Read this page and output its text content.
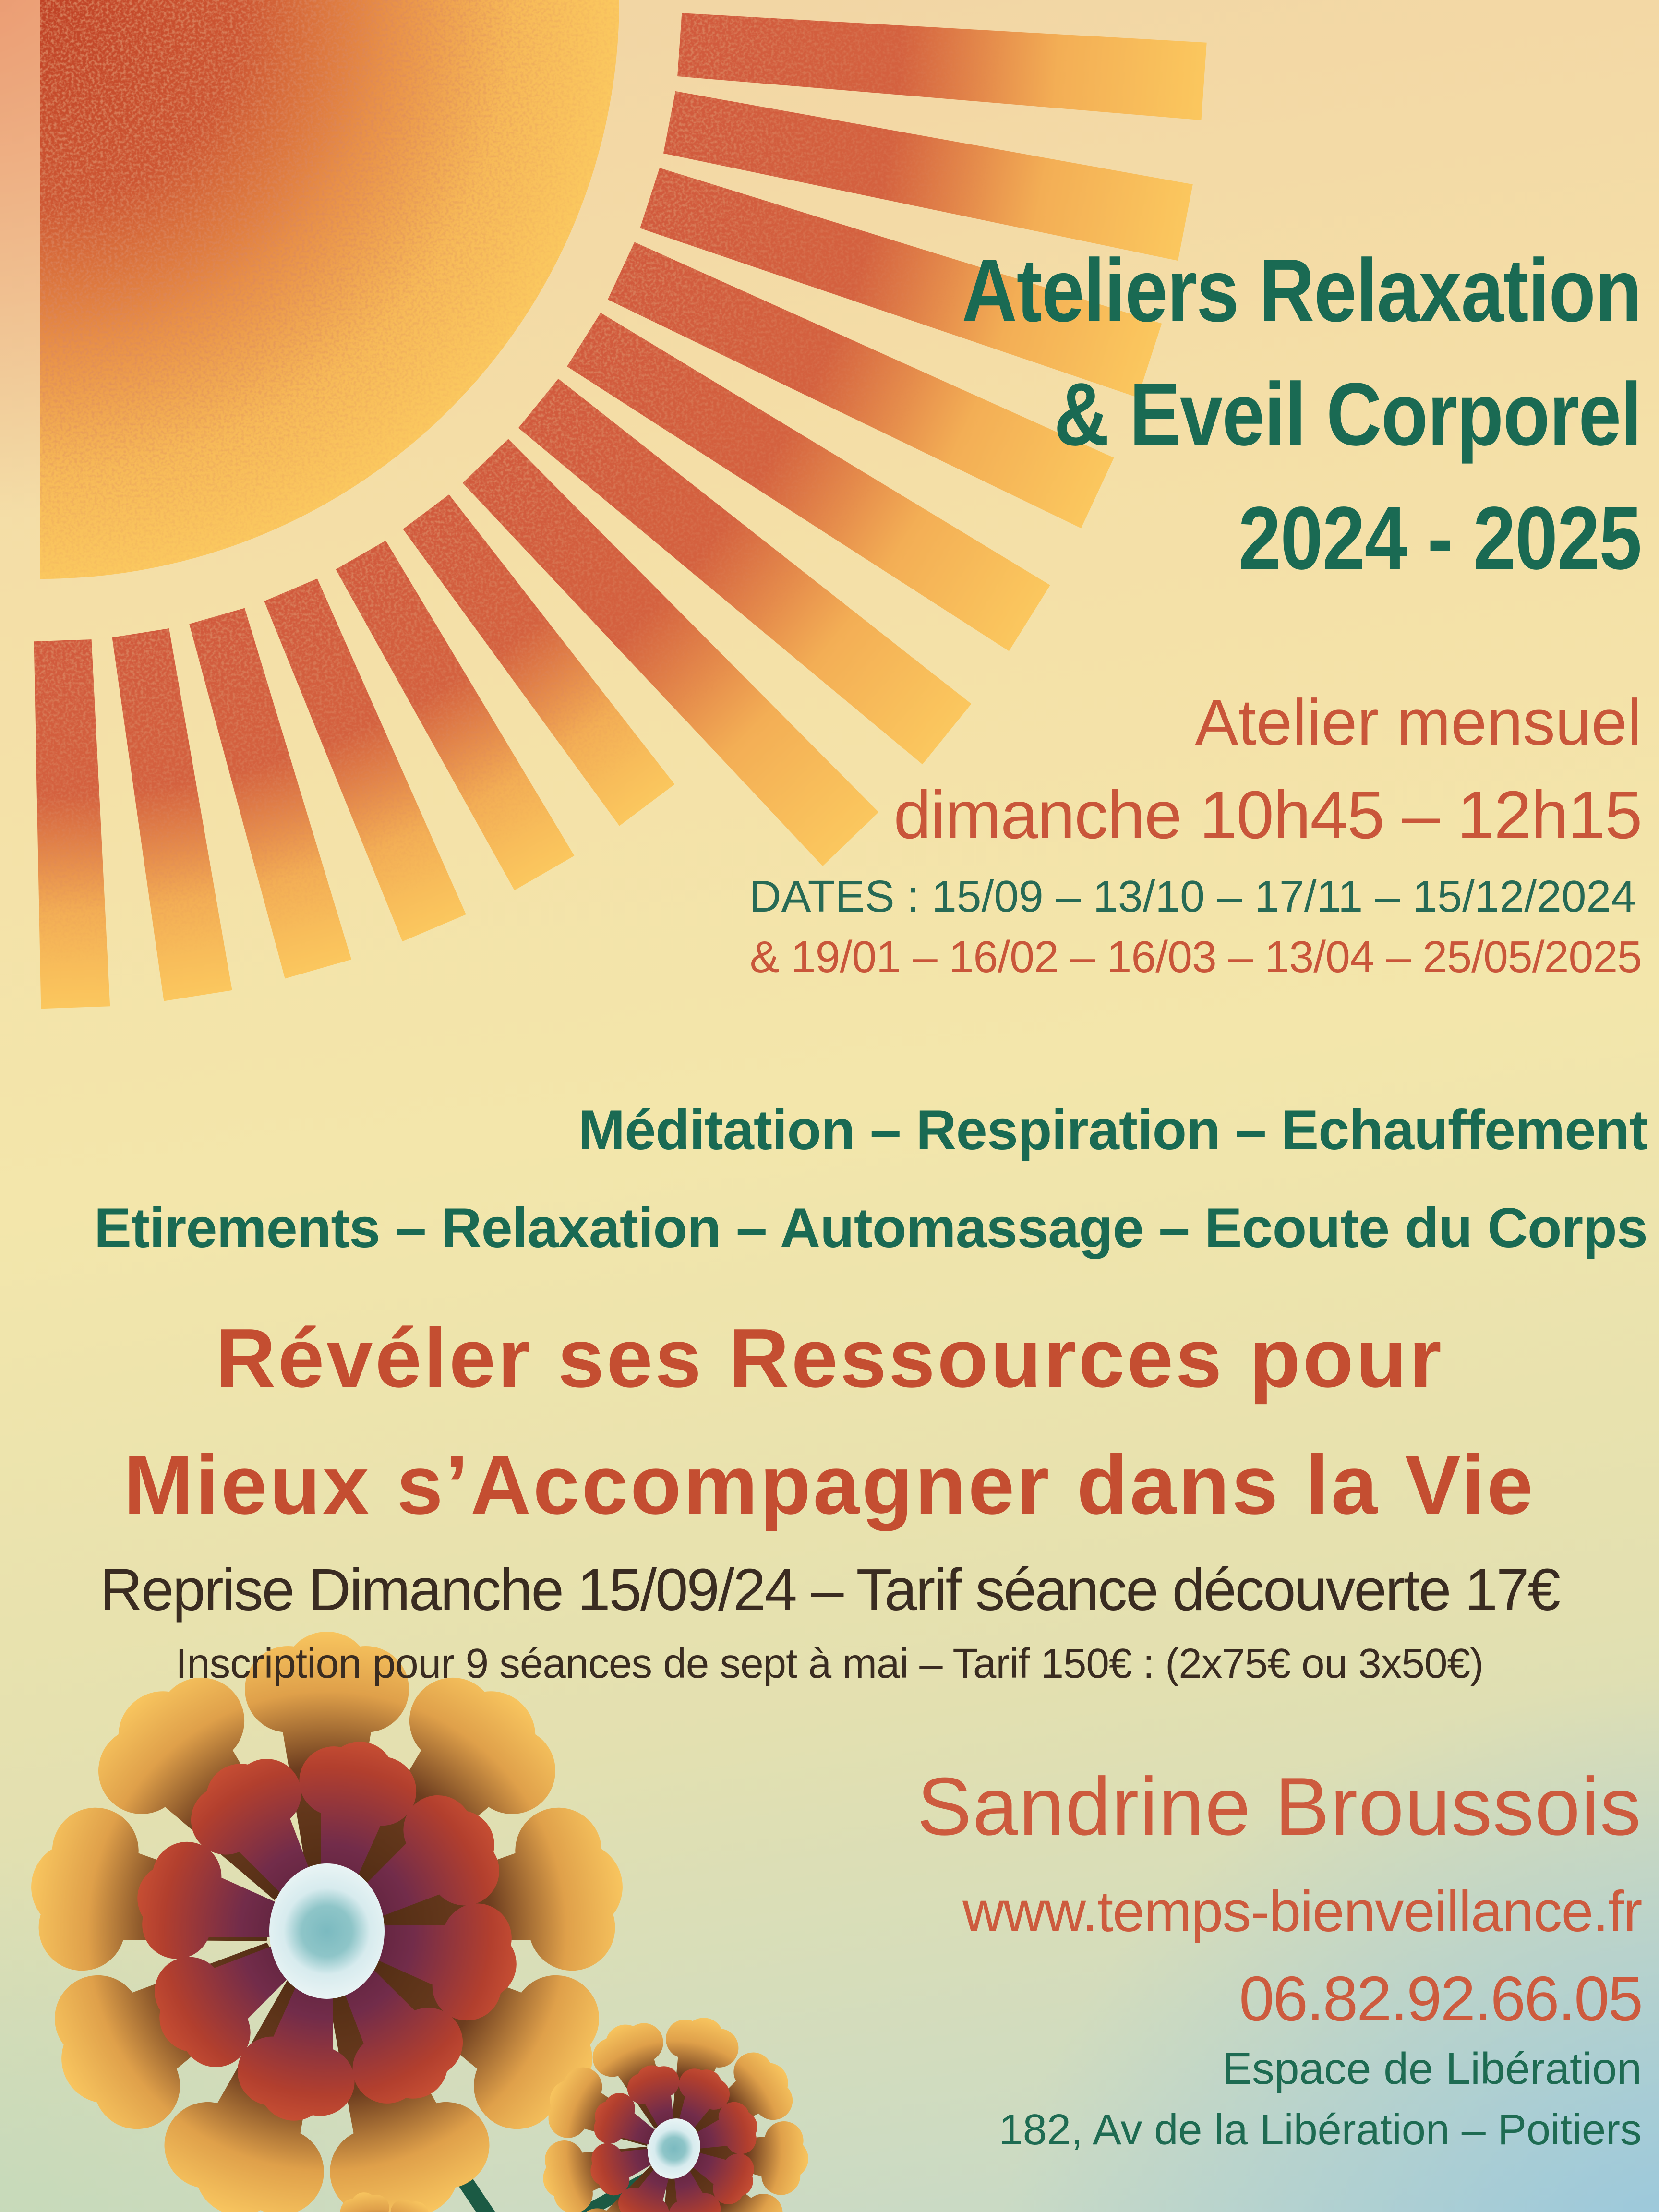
Ateliers Relaxation
& Eveil Corporel
2024 - 2025
Atelier mensuel
dimanche 10h45 – 12h15
DATES : 15/09 – 13/10 – 17/11 – 15/12/2024
& 19/01 – 16/02 – 16/03 – 13/04 – 25/05/2025
Méditation – Respiration – Echauffement
Etirements – Relaxation – Automassage – Ecoute du Corps
Révéler ses Ressources pour
Mieux s’Accompagner dans la Vie
Reprise Dimanche 15/09/24 – Tarif séance découverte 17€
Inscription pour 9 séances de sept à mai – Tarif 150€ : (2x75€ ou 3x50€)
Sandrine Broussois
www.temps-bienveillance.fr
06.82.92.66.05
Espace de Libération
182, Av de la Libération – Poitiers
